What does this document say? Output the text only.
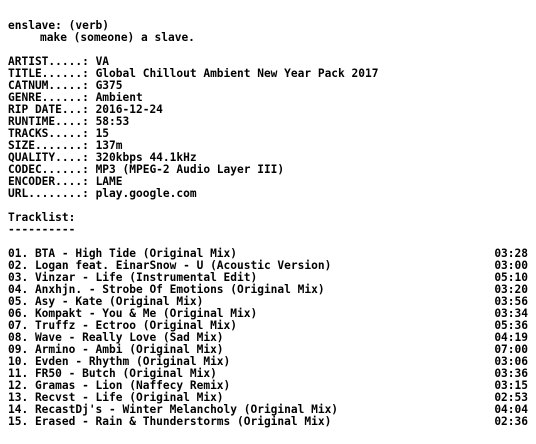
enslave: (verb)
make (someone) a slave.
ARTIST.....: VA
TITLE......: Global Chillout Ambient New Year Pack 2017
CATNUM.....: G375
GENRE......: Ambient
RIP DATE...: 2016-12-24
RUNTIME....: 58:53
TRACKS.....: 15
SIZE.......: 137m
QUALITY....: 320kbps 44.1kHz
CODEC......: MP3 (MPEG-2 Audio Layer III)
ENCODER....: LAME
URL........: play.google.com
Tracklist:
----------
01. BTA - High Tide (Original Mix)	03:28
02. Logan feat. EinarSnow - U (Acoustic Version)	03:00
03. Vinzar - Life (Instrumental Edit)	05:10
04. Anxhjn. - Strobe Of Emotions (Original Mix)	03:20
05. Asy - Kate (Original Mix)	03:56
06. Kompakt - You & Me (Original Mix)	03:34
07. Truffz - Ectroo (Original Mix)	05:36
08. Wave - Really Love (Sad Mix)	04:19
09. Armino - Ambi (Original Mix)	07:00
10. Evden - Rhythm (Original Mix)	03:06
11. FR50 - Butch (Original Mix)	03:36
12. Gramas - Lion (Naffecy Remix)	03:15
13. Recvst - Life (Original Mix)	02:53
14. RecastDj's - Winter Melancholy (Original Mix)	04:04
15. Erased - Rain & Thunderstorms (Original Mix)	02:36
